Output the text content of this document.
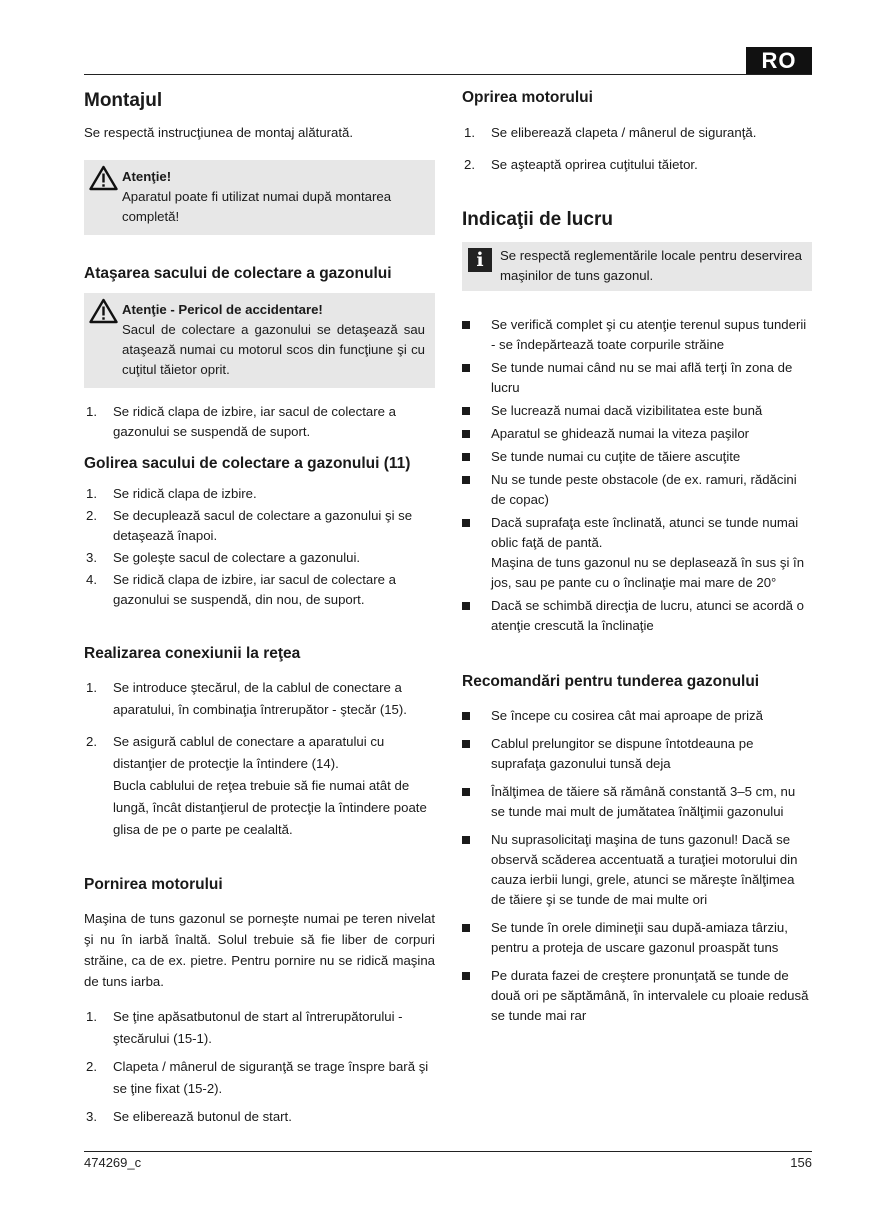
RO
Montajul

Se respectă instrucţiunea de montaj alăturată.

Atenţie!
Aparatul poate fi utilizat numai după montarea completă!
Ataşarea sacului de colectare a gazonului
Atenţie - Pericol de accidentare!
Sacul de colectare a gazonului se detaşează sau ataşează numai cu motorul scos din funcţiune şi cu cuţitul tăietor oprit.
1. Se ridică clapa de izbire, iar sacul de colectare a gazonului se suspendă de suport.
Golirea sacului de colectare a gazonului (11)
1. Se ridică clapa de izbire.
2. Se decuplează sacul de colectare a gazonului şi se detaşează înapoi.
3. Se goleşte sacul de colectare a gazonului.
4. Se ridică clapa de izbire, iar sacul de colectare a gazonului se suspendă, din nou, de suport.
Realizarea conexiunii la reţea
1. Se introduce ştecărul, de la cablul de conectare a aparatului, în combinaţia întrerupător - ştecăr (15).
2. Se asigură cablul de conectare a aparatului cu distanţier de protecţie la întindere (14).
Bucla cablului de reţea trebuie să fie numai atât de lungă, încât distanţierul de protecţie la întindere poate glisa de pe o parte pe cealaltă.
Pornirea motorului

Maşina de tuns gazonul se porneşte numai pe teren nivelat şi nu în iarbă înaltă. Solul trebuie să fie liber de corpuri străine, ca de ex. pietre. Pentru pornire nu se ridică maşina de tuns iarba.

1. Se ţine apăsatbutonul de start al întrerupătorului - ştecărului (15-1).
2. Clapeta / mânerul de siguranţă se trage înspre bară şi se ţine fixat (15-2).
3. Se eliberează butonul de start.
Oprirea motorului
1. Se eliberează clapeta / mânerul de siguranţă.
2. Se aşteaptă oprirea cuţitului tăietor.
Indicaţii de lucru
i	Se respectă reglementările locale pentru deservirea maşinilor de tuns gazonul.
Se verifică complet şi cu atenţie terenul supus tunderii - se îndepărtează toate corpurile străine
Se tunde numai când nu se mai află terţi în zona de lucru
Se lucrează numai dacă vizibilitatea este bună
Aparatul se ghidează numai la viteza paşilor
Se tunde numai cu cuţite de tăiere ascuţite
Nu se tunde peste obstacole (de ex. ramuri, rădăcini de copac)
Dacă suprafaţa este înclinată, atunci se tunde numai oblic faţă de pantă.
Maşina de tuns gazonul nu se deplasează în sus şi în jos, sau pe pante cu o înclinaţie mai mare de 20°
Dacă se schimbă direcţia de lucru, atunci se acordă o atenţie crescută la înclinaţie
Recomandări pentru tunderea gazonului
Se începe cu cosirea cât mai aproape de priză
Cablul prelungitor se dispune întotdeauna pe suprafaţa gazonului tunsă deja
Înălţimea de tăiere să rămână constantă 3–5 cm, nu se tunde mai mult de jumătatea înălţimii gazonului
Nu suprasolicitaţi maşina de tuns gazonul! Dacă se observă scăderea accentuată a turaţiei motorului din cauza ierbii lungi, grele, atunci se măreşte înălţimea de tăiere şi se tunde de mai multe ori
Se tunde în orele dimineţii sau după-amiaza târziu, pentru a proteja de uscare gazonul proaspăt tuns
Pe durata fazei de creştere pronunţată se tunde de două ori pe săptămână, în intervalele cu ploaie redusă se tunde mai rar
474269_c	156
